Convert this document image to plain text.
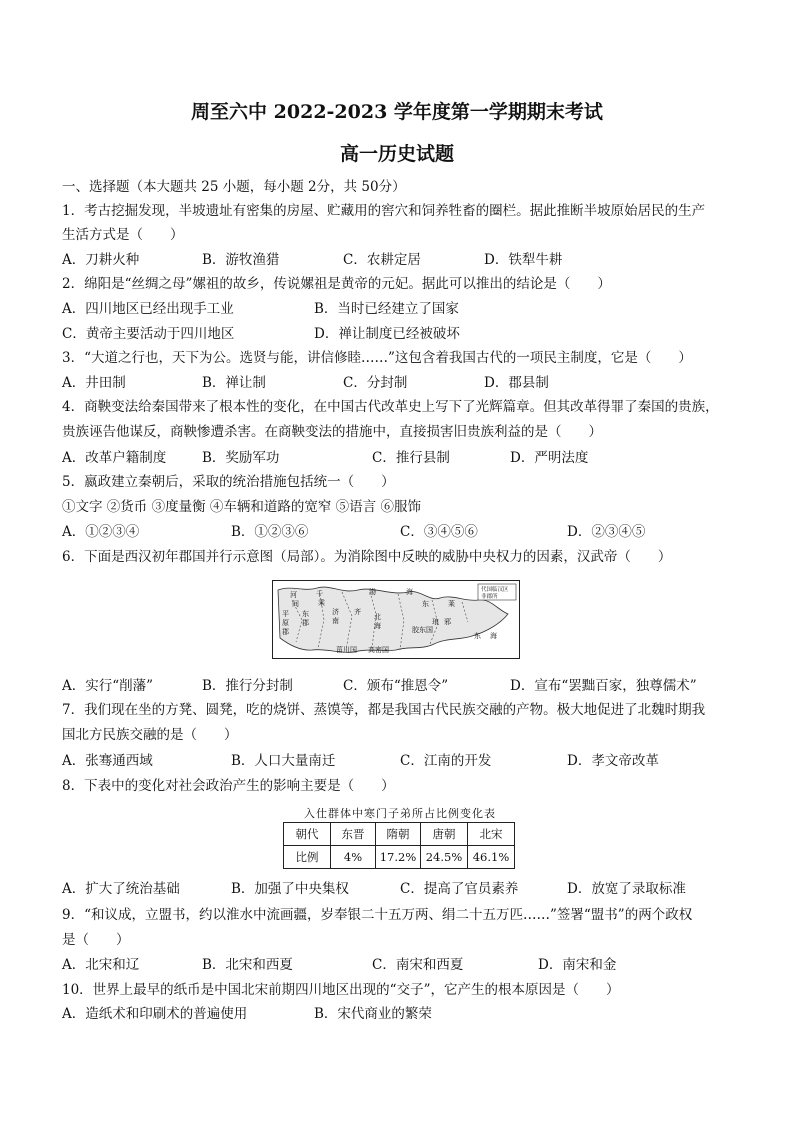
周至六中 2022-2023 学年度第一学期期末考试
高一历史试题
一、选择题（本大题共 25 小题，每小题 2分，共 50分）
1．考古挖掘发现，半坡遗址有密集的房屋、贮藏用的窖穴和饲养牲畜的圈栏。据此推断半坡原始居民的生产
生活方式是（　　）
A．刀耕火种	B．游牧渔猎	C．农耕定居	D．铁犁牛耕
2．绵阳是“丝绸之母”嫘祖的故乡，传说嫘祖是黄帝的元妃。据此可以推出的结论是（　　）
A．四川地区已经出现手工业	B．当时已经建立了国家
C．黄帝主要活动于四川地区	D．禅让制度已经被破坏
3．“大道之行也，天下为公。选贤与能，讲信修睦……”这包含着我国古代的一项民主制度，它是（　　）
A．井田制	B．禅让制	C．分封制	D．郡县制
4．商鞅变法给秦国带来了根本性的变化，在中国古代改革史上写下了光辉篇章。但其改革得罪了秦国的贵族，
贵族诬告他谋反，商鞅惨遭杀害。在商鞅变法的措施中，直接损害旧贵族利益的是（　　）
A．改革户籍制度	B．奖励军功	C．推行县制	D．严明法度
5．嬴政建立秦朝后，采取的统治措施包括统一（　　）
①文字 ②货币 ③度量衡 ④车辆和道路的宽窄 ⑤语言 ⑥服饰
A．①②③④	B．①②③⑥	C．③④⑤⑥	D．②③④⑤
6．下面是西汉初年郡国并行示意图（局部）。为消除图中反映的威胁中央权力的因素，汉武帝（　　）
渤	海
东	莱
河
间
千
乘
齐
济
南	北
海	胶东国
琅 邪
东 海
菑川国 高密国
平
原
郡
东
郡
代国临汉区
非郡所
A．实行“削藩”	B．推行分封制	C．颁布“推恩令”	D．宣布“罢黜百家，独尊儒术”
7．我们现在坐的方凳、圆凳，吃的烧饼、蒸馍等，都是我国古代民族交融的产物。极大地促进了北魏时期我
国北方民族交融的是（　　）
A．张骞通西域	B．人口大量南迁	C．江南的开发	D．孝文帝改革
8．下表中的变化对社会政治产生的影响主要是（　　）
入仕群体中寒门子弟所占比例变化表
朝代	东晋	隋朝	唐朝	北宋
比例	4%	17.2%	24.5%	46.1%
A．扩大了统治基础	B．加强了中央集权	C．提高了官员素养	D．放宽了录取标准
9．“和议成，立盟书，约以淮水中流画疆，岁奉银二十五万两、绢二十五万匹……”签署“盟书”的两个政权
是（　　）
A．北宋和辽	B．北宋和西夏	C．南宋和西夏	D．南宋和金
10．世界上最早的纸币是中国北宋前期四川地区出现的“交子”，它产生的根本原因是（　　）
A．造纸术和印刷术的普遍使用	B．宋代商业的繁荣
